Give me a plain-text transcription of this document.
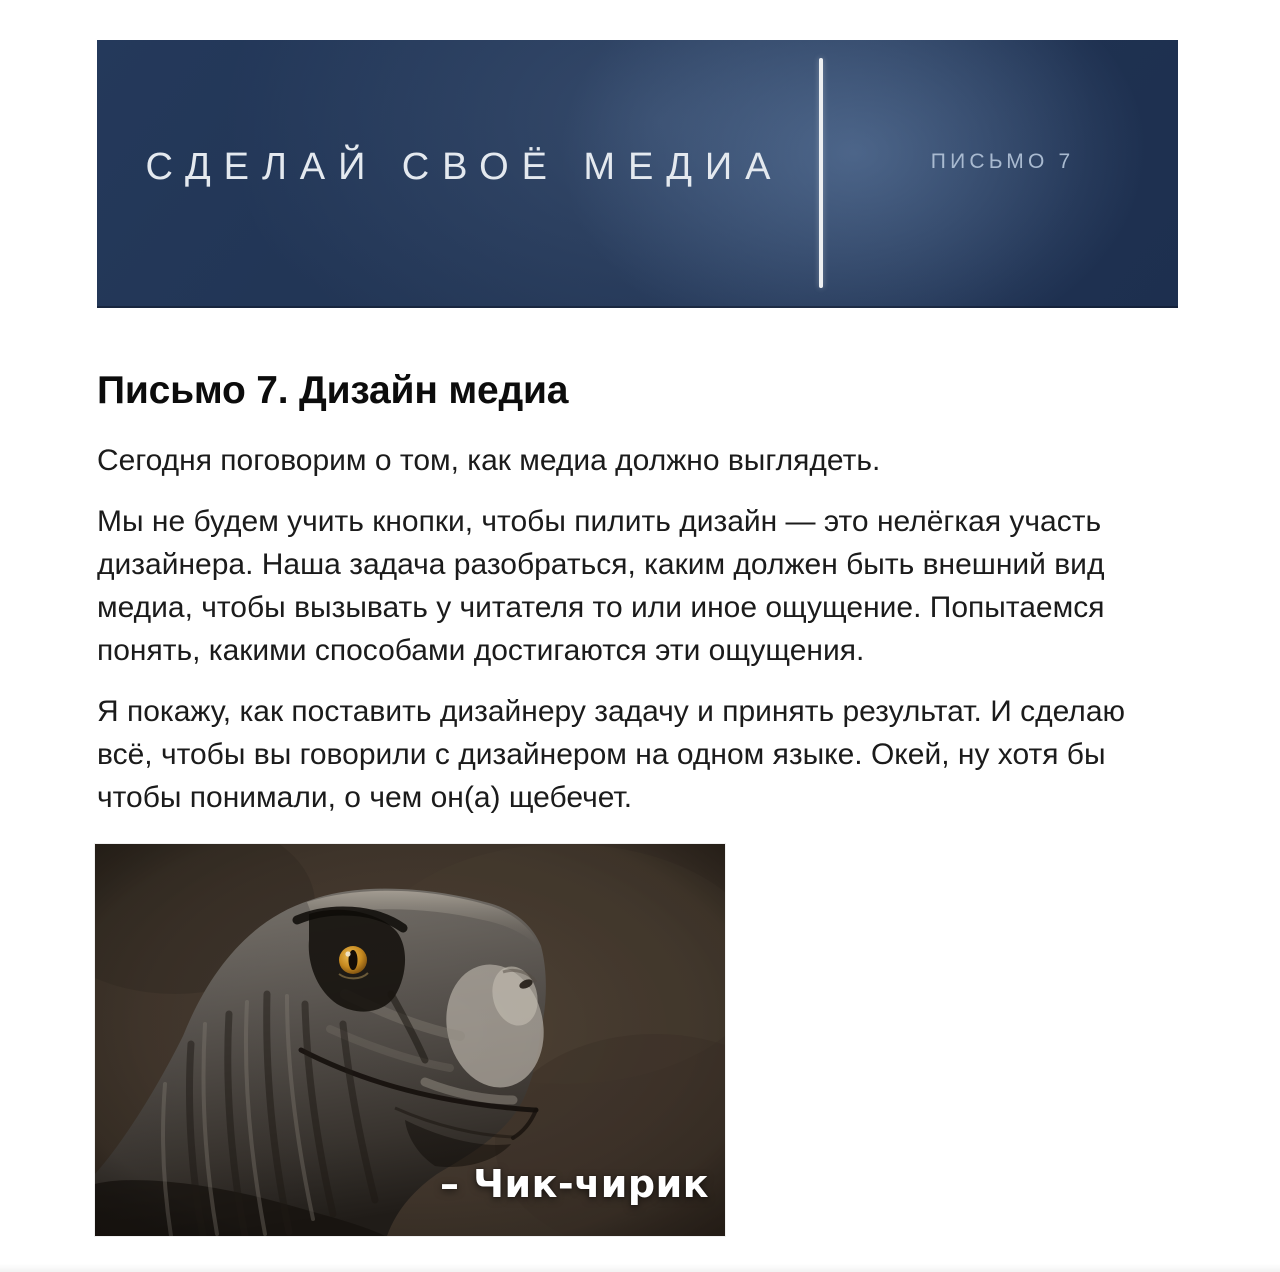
СДЕЛАЙ СВОЁ МЕДИА	ПИСЬМО 7
Письмо 7. Дизайн медиа

Сегодня поговорим о том, как медиа должно выглядеть.

Мы не будем учить кнопки, чтобы пилить дизайн — это нелёгкая участь дизайнера. Наша задача разобраться, каким должен быть внешний вид медиа, чтобы вызывать у читателя то или иное ощущение. Попытаемся понять, какими способами достигаются эти ощущения.

Я покажу, как поставить дизайнеру задачу и принять результат. И сделаю всё, чтобы вы говорили с дизайнером на одном языке. Окей, ну хотя бы чтобы понимали, о чем он(а) щебечет.

– Чик-чирик
